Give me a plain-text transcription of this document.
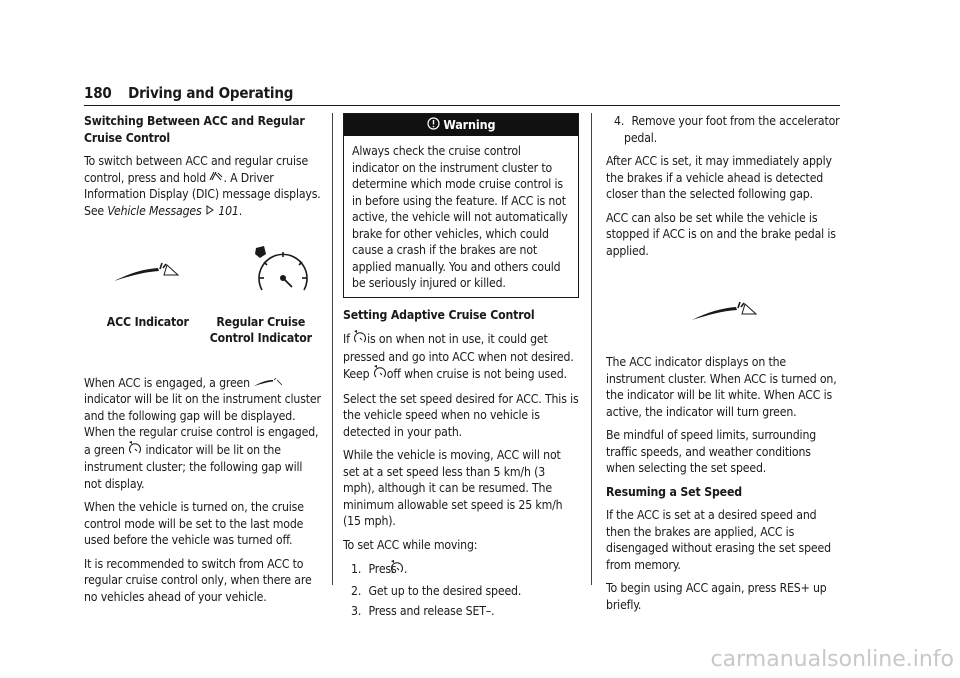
180 Driving and Operating

Switching Between ACC and Regular Cruise Control

To switch between ACC and regular cruise control, press and hold . A Driver Information Display (DIC) message displays. See Vehicle Messages 101.

ACC Indicator	Regular Cruise Control Indicator

When ACC is engaged, a green  indicator will be lit on the instrument cluster and the following gap will be displayed. When the regular cruise control is engaged, a green indicator will be lit on the instrument cluster; the following gap will not display.

When the vehicle is turned on, the cruise control mode will be set to the last mode used before the vehicle was turned off.

It is recommended to switch from ACC to regular cruise control only, when there are no vehicles ahead of your vehicle.

Warning
Always check the cruise control indicator on the instrument cluster to determine which mode cruise control is in before using the feature. If ACC is not active, the vehicle will not automatically brake for other vehicles, which could cause a crash if the brakes are not applied manually. You and others could be seriously injured or killed.

Setting Adaptive Cruise Control

If is on when not in use, it could get pressed and go into ACC when not desired. Keep off when cruise is not being used.

Select the set speed desired for ACC. This is the vehicle speed when no vehicle is detected in your path.

While the vehicle is moving, ACC will not set at a set speed less than 5 km/h (3 mph), although it can be resumed. The minimum allowable set speed is 25 km/h (15 mph).

To set ACC while moving:

1. Press .
2. Get up to the desired speed.
3. Press and release SET–.
4. Remove your foot from the accelerator pedal.

After ACC is set, it may immediately apply the brakes if a vehicle ahead is detected closer than the selected following gap.

ACC can also be set while the vehicle is stopped if ACC is on and the brake pedal is applied.

The ACC indicator displays on the instrument cluster. When ACC is turned on, the indicator will be lit white. When ACC is active, the indicator will turn green.

Be mindful of speed limits, surrounding traffic speeds, and weather conditions when selecting the set speed.

Resuming a Set Speed

If the ACC is set at a desired speed and then the brakes are applied, ACC is disengaged without erasing the set speed from memory.

To begin using ACC again, press RES+ up briefly.

carmanualsonline.info
